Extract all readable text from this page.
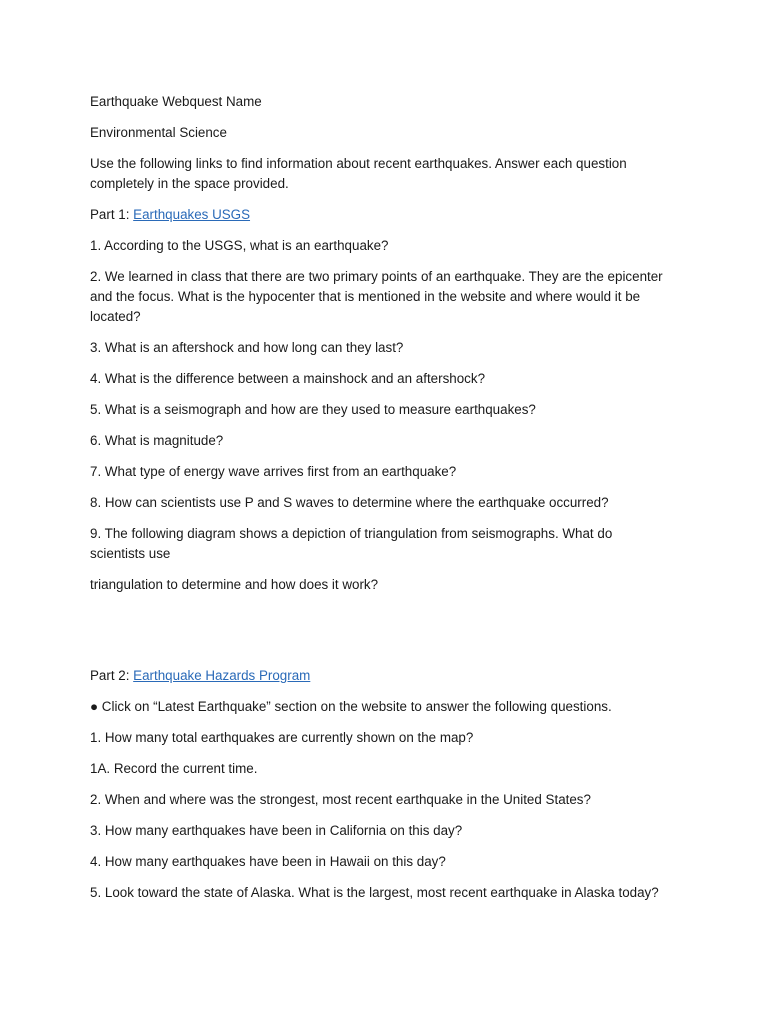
Earthquake Webquest Name

Environmental Science

Use the following links to find information about recent earthquakes. Answer each question completely in the space provided.

Part 1: Earthquakes USGS

1. According to the USGS, what is an earthquake?

2. We learned in class that there are two primary points of an earthquake. They are the epicenter and the focus. What is the hypocenter that is mentioned in the website and where would it be located?

3. What is an aftershock and how long can they last?

4. What is the difference between a mainshock and an aftershock?

5. What is a seismograph and how are they used to measure earthquakes?

6. What is magnitude?

7. What type of energy wave arrives first from an earthquake?

8. How can scientists use P and S waves to determine where the earthquake occurred?

9. The following diagram shows a depiction of triangulation from seismographs. What do scientists use

triangulation to determine and how does it work?

Part 2: Earthquake Hazards Program

● Click on “Latest Earthquake” section on the website to answer the following questions.

1. How many total earthquakes are currently shown on the map?

1A. Record the current time.

2. When and where was the strongest, most recent earthquake in the United States?

3. How many earthquakes have been in California on this day?

4. How many earthquakes have been in Hawaii on this day?

5. Look toward the state of Alaska. What is the largest, most recent earthquake in Alaska today?
